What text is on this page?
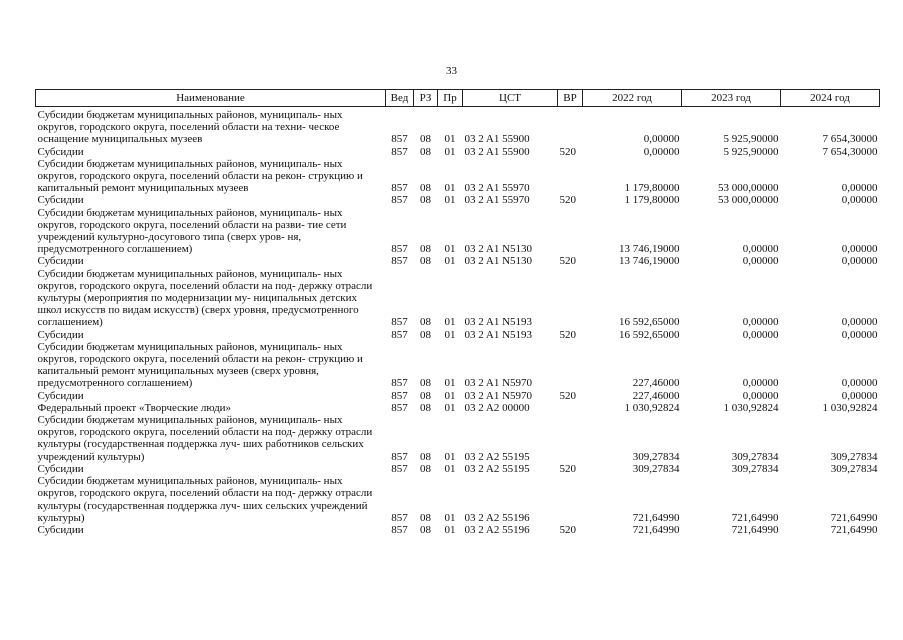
33
Наименование	Вед	РЗ	Пр	ЦСТ	ВР	2022 год	2023 год	2024 год
Субсидии бюджетам муниципальных районов, муниципаль- ных округов, городского округа, поселений области на техни- ческое оснащение муниципальных музеев	857	08	01	03 2 A1 55900		0,00000	5 925,90000	7 654,30000
Субсидии	857	08	01	03 2 A1 55900	520	0,00000	5 925,90000	7 654,30000
Субсидии бюджетам муниципальных районов, муниципаль- ных округов, городского округа, поселений области на рекон- струкцию и капитальный ремонт муниципальных музеев	857	08	01	03 2 A1 55970		1 179,80000	53 000,00000	0,00000
Субсидии	857	08	01	03 2 A1 55970	520	1 179,80000	53 000,00000	0,00000
Субсидии бюджетам муниципальных районов, муниципаль- ных округов, городского округа, поселений области на разви- тие сети учреждений культурно-досугового типа (сверх уров- ня, предусмотренного соглашением)	857	08	01	03 2 A1 N5130		13 746,19000	0,00000	0,00000
Субсидии	857	08	01	03 2 A1 N5130	520	13 746,19000	0,00000	0,00000
Субсидии бюджетам муниципальных районов, муниципаль- ных округов, городского округа, поселений области на под- держку отрасли культуры (мероприятия по модернизации му- ниципальных детских школ искусств по видам искусств) (сверх уровня, предусмотренного соглашением)	857	08	01	03 2 A1 N5193		16 592,65000	0,00000	0,00000
Субсидии	857	08	01	03 2 A1 N5193	520	16 592,65000	0,00000	0,00000
Субсидии бюджетам муниципальных районов, муниципаль- ных округов, городского округа, поселений области на рекон- струкцию и капитальный ремонт муниципальных музеев (сверх уровня, предусмотренного соглашением)	857	08	01	03 2 A1 N5970		227,46000	0,00000	0,00000
Субсидии	857	08	01	03 2 A1 N5970	520	227,46000	0,00000	0,00000
Федеральный проект «Творческие люди»	857	08	01	03 2 A2 00000		1 030,92824	1 030,92824	1 030,92824
Субсидии бюджетам муниципальных районов, муниципаль- ных округов, городского округа, поселений области на под- держку отрасли культуры (государственная поддержка луч- ших работников сельских учреждений культуры)	857	08	01	03 2 A2 55195		309,27834	309,27834	309,27834
Субсидии	857	08	01	03 2 A2 55195	520	309,27834	309,27834	309,27834
Субсидии бюджетам муниципальных районов, муниципаль- ных округов, городского округа, поселений области на под- держку отрасли культуры (государственная поддержка луч- ших сельских учреждений культуры)	857	08	01	03 2 A2 55196		721,64990	721,64990	721,64990
Субсидии	857	08	01	03 2 A2 55196	520	721,64990	721,64990	721,64990
